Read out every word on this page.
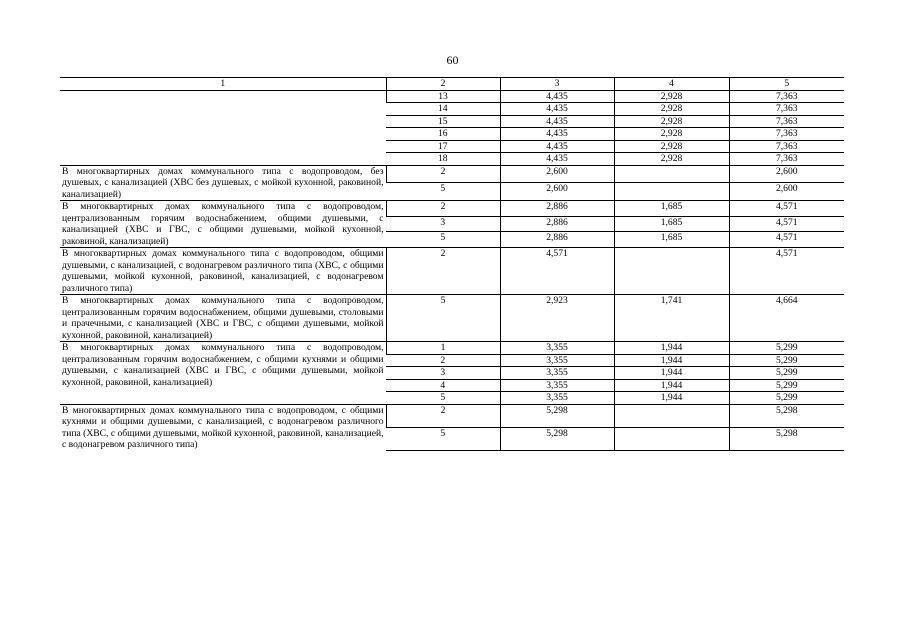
60
1	2	3	4	5
	13	4,435	2,928	7,363
	14	4,435	2,928	7,363
	15	4,435	2,928	7,363
	16	4,435	2,928	7,363
	17	4,435	2,928	7,363
	18	4,435	2,928	7,363
В многоквартирных домах коммунального типа с водопроводом, без душевых, с канализацией (ХВС без душевых, с мойкой кухонной, раковиной, канализацией)	2	2,600		2,600
	5	2,600		2,600
В многоквартирных домах коммунального типа с водопроводом, централизованным горячим водоснабжением, общими душевыми, с канализацией (ХВС и ГВС, с общими душевыми, мойкой кухонной, раковиной, канализацией)	2	2,886	1,685	4,571
	3	2,886	1,685	4,571
	5	2,886	1,685	4,571
В многоквартирных домах коммунального типа с водопроводом, общими душевыми, с канализацией, с водонагревом различного типа (ХВС, с общими душевыми, мойкой кухонной, раковиной, канализацией, с водонагревом различного типа)	2	4,571		4,571
В многоквартирных домах коммунального типа с водопроводом, централизованным горячим водоснабжением, общими душевыми, столовыми и прачечными, с канализацией (ХВС и ГВС, с общими душевыми, мойкой кухонной, раковиной, канализацией)	5	2,923	1,741	4,664
В многоквартирных домах коммунального типа с водопроводом, централизованным горячим водоснабжением, с общими кухнями и общими душевыми, с канализацией (ХВС и ГВС, с общими душевыми, мойкой кухонной, раковиной, канализацией)	1	3,355	1,944	5,299
	2	3,355	1,944	5,299
	3	3,355	1,944	5,299
	4	3,355	1,944	5,299
	5	3,355	1,944	5,299
В многоквартирных домах коммунального типа с водопроводом, с общими кухнями и общими душевыми, с канализацией, с водонагревом различного типа (ХВС, с общими душевыми, мойкой кухонной, раковиной, канализацией, с водонагревом различного типа)	2	5,298		5,298
	5	5,298		5,298
